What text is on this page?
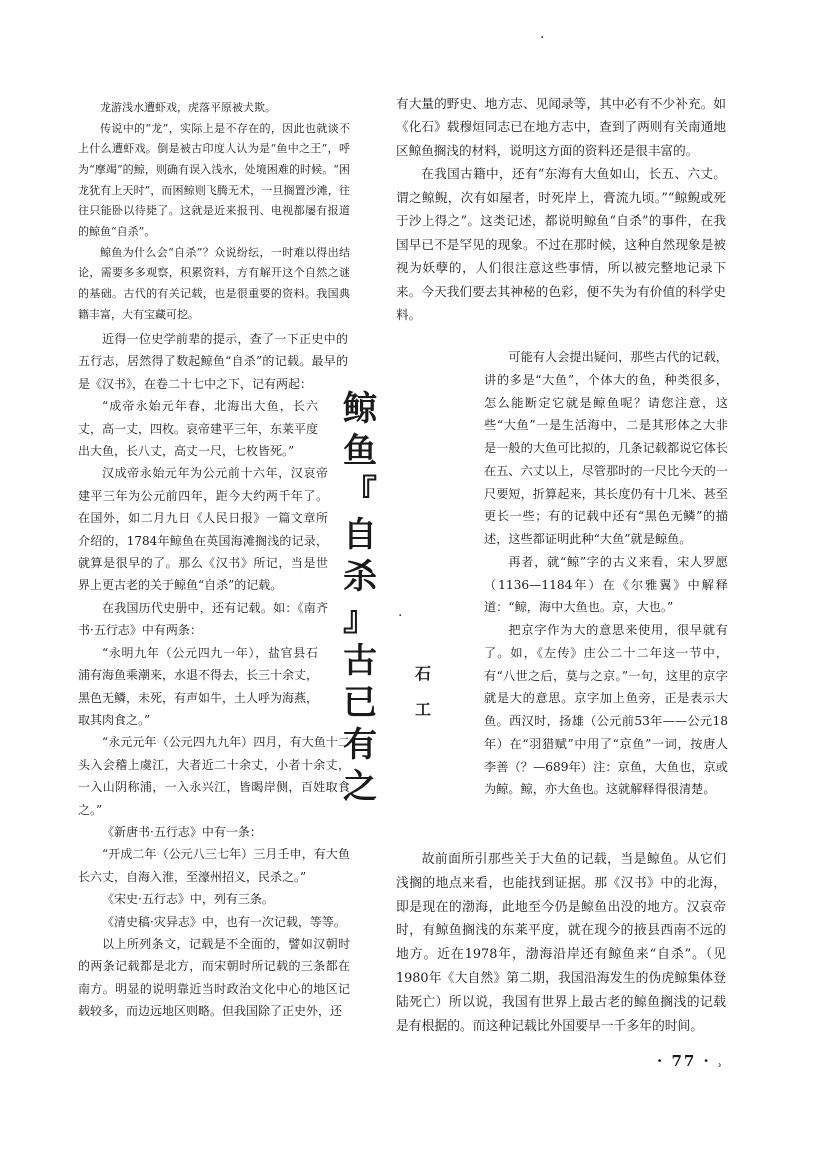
鲸
鱼
『
自
杀
』
古
已
有
之
石
工

龙游浅水遭虾戏，虎落平原被犬欺。

传说中的“龙”，实际上是不存在的，因此也就谈不上什么遭虾戏。倒是被古印度人认为是“鱼中之王”，呼为“摩竭”的鲸，则确有误入浅水，处境困难的时候。“困龙犹有上天时”，而困鲸则飞腾无术，一旦搁置沙滩，往往只能卧以待毙了。这就是近来报刊、电视都屡有报道的鲸鱼“自杀”。

鲸鱼为什么会“自杀”？众说纷纭，一时难以得出结论，需要多多观察，积累资料，方有解开这个自然之谜的基础。古代的有关记载，也是很重要的资料。我国典籍丰富，大有宝藏可挖。

近得一位史学前辈的提示，查了一下正史中的五行志，居然得了数起鲸鱼“自杀”的记载。最早的是《汉书》，在卷二十七中之下，记有两起：

“成帝永始元年春，北海出大鱼，长六丈，高一丈，四枚。哀帝建平三年，东莱平度出大鱼，长八丈，高丈一尺，七枚皆死。”

汉成帝永始元年为公元前十六年，汉哀帝建平三年为公元前四年，距今大约两千年了。在国外，如二月九日《人民日报》一篇文章所介绍的，1784年鲸鱼在英国海滩搁浅的记录，就算是很早的了。那么《汉书》所记，当是世界上更古老的关于鲸鱼“自杀”的记载。

在我国历代史册中，还有记载。如：《南齐书·五行志》中有两条：

“永明九年（公元四九一年），盐官县石浦有海鱼乘潮来，水退不得去，长三十余丈，黑色无鳞，未死，有声如牛，土人呼为海燕，取其肉食之。”

“永元元年（公元四九九年）四月，有大鱼十二头入会稽上虞江，大者近二十余丈，小者十余丈，一入山阴称浦，一入永兴江，皆暍岸侧，百姓取食之。”

《新唐书·五行志》中有一条：

“开成二年（公元八三七年）三月壬申，有大鱼长六丈，自海入淮，至濠州招义，民杀之。”

《宋史·五行志》中，列有三条。

《清史稿·灾异志》中，也有一次记载，等等。

以上所列条文，记载是不全面的，譬如汉朝时的两条记载都是北方，而宋朝时所记载的三条都在南方。明显的说明靠近当时政治文化中心的地区记载较多，而边远地区则略。但我国除了正史外，还

有大量的野史、地方志、见闻录等，其中必有不少补充。如《化石》载穆烜同志已在地方志中，查到了两则有关南通地区鲸鱼搁浅的材料，说明这方面的资料还是很丰富的。

在我国古籍中，还有“东海有大鱼如山，长五、六丈。谓之鲸鲵，次有如屋者，时死岸上，膏流九顷。”“鲸鲵或死于沙上得之”。这类记述，都说明鲸鱼“自杀”的事件，在我国早已不是罕见的现象。不过在那时候，这种自然现象是被视为妖孽的，人们很注意这些事情，所以被完整地记录下来。今天我们要去其神秘的色彩，便不失为有价值的科学史料。

可能有人会提出疑问，那些古代的记载，讲的多是“大鱼”，个体大的鱼，种类很多，怎么能断定它就是鲸鱼呢？请您注意，这些“大鱼”一是生活海中，二是其形体之大非是一般的大鱼可比拟的，几条记载都说它体长在五、六丈以上，尽管那时的一尺比今天的一尺要短，折算起来，其长度仍有十几米、甚至更长一些；有的记载中还有“黑色无鳞”的描述，这些都证明此种“大鱼”就是鲸鱼。

再者，就“鲸”字的古义来看，宋人罗愿（1136—1184年）在《尔雅翼》中解释道：“鲸，海中大鱼也。京，大也。”

把京字作为大的意思来使用，很早就有了。如，《左传》庄公二十二年这一节中，有“八世之后，莫与之京。”一句，这里的京字就是大的意思。京字加上鱼旁，正是表示大鱼。西汉时，扬雄（公元前53年——公元18年）在“羽猎赋”中用了“京鱼”一词，按唐人李善（？—689年）注：京鱼，大鱼也，京或为鲸。鲸，亦大鱼也。这就解释得很清楚。

故前面所引那些关于大鱼的记载，当是鲸鱼。从它们浅搁的地点来看，也能找到证据。那《汉书》中的北海，即是现在的渤海，此地至今仍是鲸鱼出没的地方。汉哀帝时，有鲸鱼搁浅的东莱平度，就在现今的掖县西南不远的地方。近在1978年，渤海沿岸还有鲸鱼来“自杀”。（见1980年《大自然》第二期，我国沿海发生的伪虎鲸集体登陆死亡）所以说，我国有世界上最古老的鲸鱼搁浅的记载是有根据的。而这种记载比外国要早一千多年的时间。

· 77 ·
·
·
ʾ
